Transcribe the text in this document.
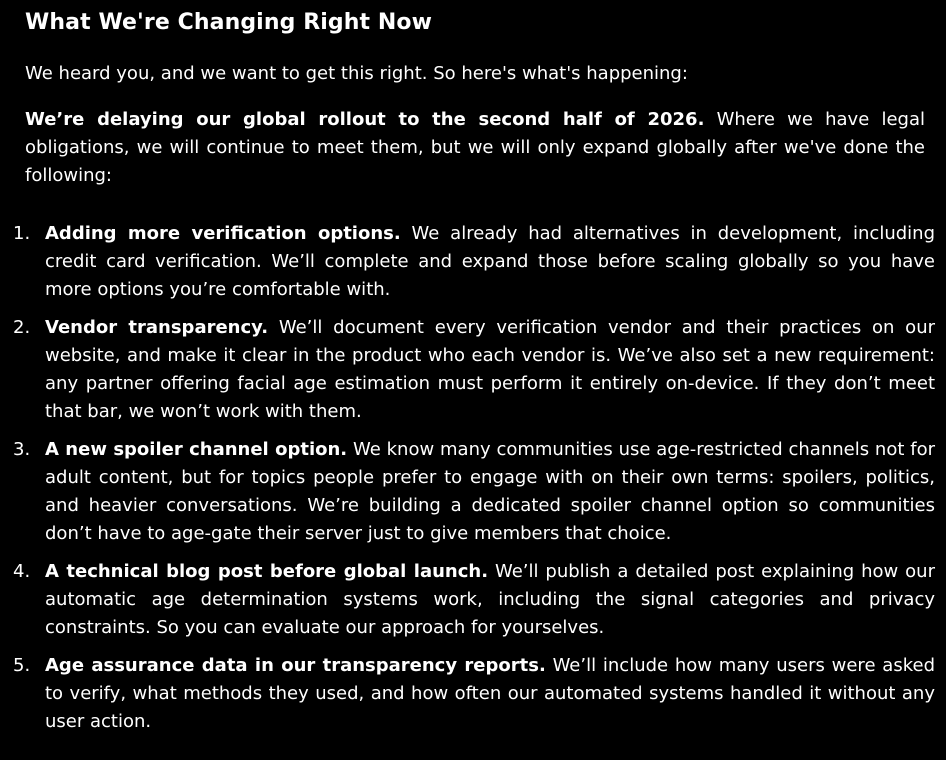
What We're Changing Right Now

We heard you, and we want to get this right. So here's what's happening:

We’re delaying our global rollout to the second half of 2026. Where we have legal obligations, we will continue to meet them, but we will only expand globally after we've done the following:

1. Adding more verification options. We already had alternatives in development, including credit card verification. We’ll complete and expand those before scaling globally so you have more options you’re comfortable with.
2. Vendor transparency. We’ll document every verification vendor and their practices on our website, and make it clear in the product who each vendor is. We’ve also set a new requirement: any partner offering facial age estimation must perform it entirely on-device. If they don’t meet that bar, we won’t work with them.
3. A new spoiler channel option. We know many communities use age-restricted channels not for adult content, but for topics people prefer to engage with on their own terms: spoilers, politics, and heavier conversations. We’re building a dedicated spoiler channel option so communities don’t have to age-gate their server just to give members that choice.
4. A technical blog post before global launch. We’ll publish a detailed post explaining how our automatic age determination systems work, including the signal categories and privacy constraints. So you can evaluate our approach for yourselves.
5. Age assurance data in our transparency reports. We’ll include how many users were asked to verify, what methods they used, and how often our automated systems handled it without any user action.
